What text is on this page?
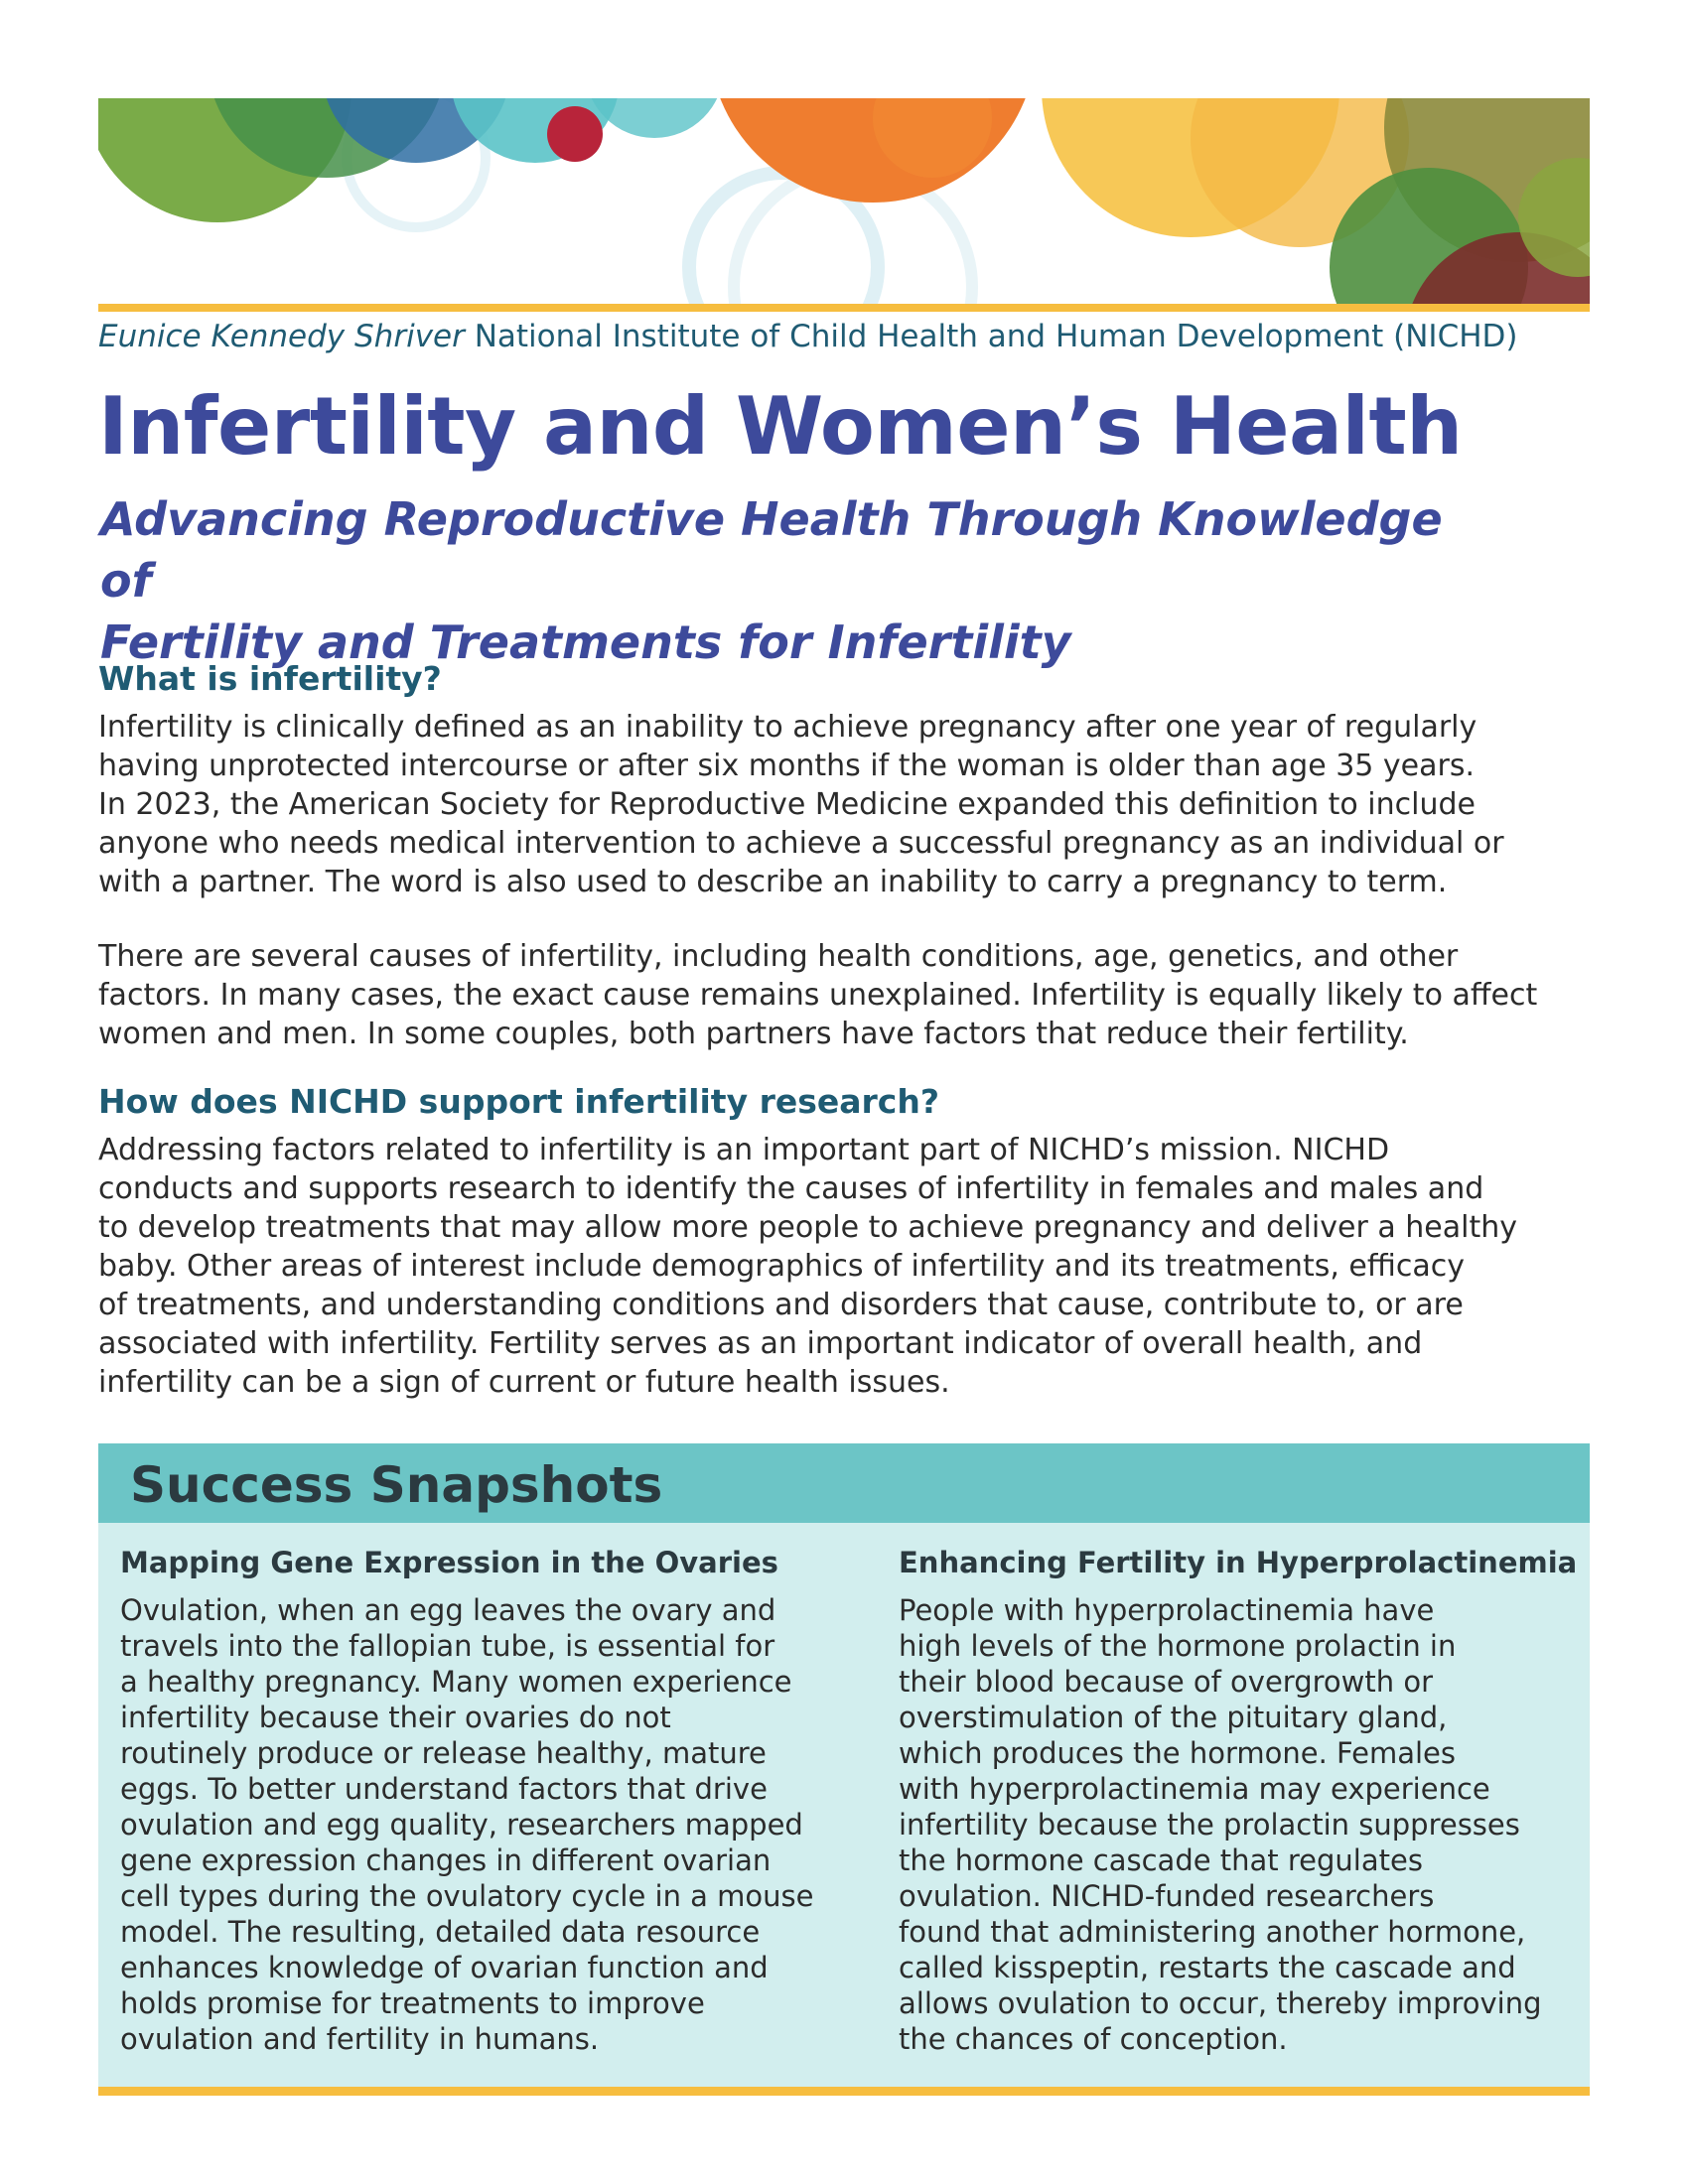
Eunice Kennedy Shriver National Institute of Child Health and Human Development (NICHD)
Infertility and Women’s Health
Advancing Reproductive Health Through Knowledge of
Fertility and Treatments for Infertility
What is infertility?
Infertility is clinically defined as an inability to achieve pregnancy after one year of regularly
having unprotected intercourse or after six months if the woman is older than age 35 years.
In 2023, the American Society for Reproductive Medicine expanded this definition to include
anyone who needs medical intervention to achieve a successful pregnancy as an individual or
with a partner. The word is also used to describe an inability to carry a pregnancy to term.
There are several causes of infertility, including health conditions, age, genetics, and other
factors. In many cases, the exact cause remains unexplained. Infertility is equally likely to affect
women and men. In some couples, both partners have factors that reduce their fertility.
How does NICHD support infertility research?
Addressing factors related to infertility is an important part of NICHD’s mission. NICHD
conducts and supports research to identify the causes of infertility in females and males and
to develop treatments that may allow more people to achieve pregnancy and deliver a healthy
baby. Other areas of interest include demographics of infertility and its treatments, efficacy
of treatments, and understanding conditions and disorders that cause, contribute to, or are
associated with infertility. Fertility serves as an important indicator of overall health, and
infertility can be a sign of current or future health issues.
Success Snapshots
Mapping Gene Expression in the Ovaries
Ovulation, when an egg leaves the ovary and
travels into the fallopian tube, is essential for
a healthy pregnancy. Many women experience
infertility because their ovaries do not
routinely produce or release healthy, mature
eggs. To better understand factors that drive
ovulation and egg quality, researchers mapped
gene expression changes in different ovarian
cell types during the ovulatory cycle in a mouse
model. The resulting, detailed data resource
enhances knowledge of ovarian function and
holds promise for treatments to improve
ovulation and fertility in humans.
Enhancing Fertility in Hyperprolactinemia
People with hyperprolactinemia have
high levels of the hormone prolactin in
their blood because of overgrowth or
overstimulation of the pituitary gland,
which produces the hormone. Females
with hyperprolactinemia may experience
infertility because the prolactin suppresses
the hormone cascade that regulates
ovulation. NICHD-funded researchers
found that administering another hormone,
called kisspeptin, restarts the cascade and
allows ovulation to occur, thereby improving
the chances of conception.
